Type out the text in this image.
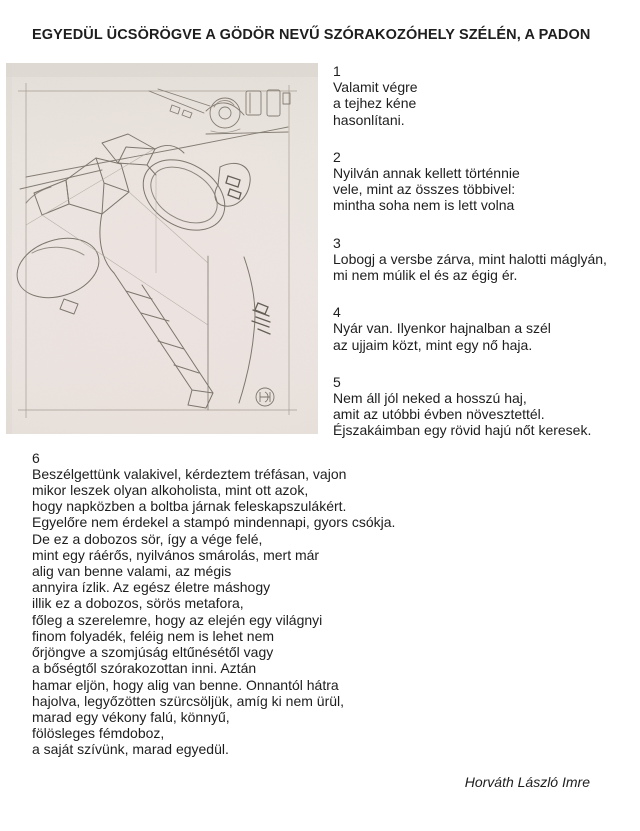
EGYEDÜL ÜCSÖRÖGVE A GÖDÖR NEVŰ SZÓRAKOZÓHELY SZÉLÉN, A PADON
1
Valamit végre
a tejhez kéne
hasonlítani.
2
Nyilván annak kellett történnie
vele, mint az összes többivel:
mintha soha nem is lett volna
3
Lobogj a versbe zárva, mint halotti máglyán,
mi nem múlik el és az égig ér.
4
Nyár van. Ilyenkor hajnalban a szél
az ujjaim közt, mint egy nő haja.
5
Nem áll jól neked a hosszú haj,
amit az utóbbi évben növesztettél.
Éjszakáimban egy rövid hajú nőt keresek.
6
Beszélgettünk valakivel, kérdeztem tréfásan, vajon
mikor leszek olyan alkoholista, mint ott azok,
hogy napközben a boltba járnak feleskapszulákért.
Egyelőre nem érdekel a stampó mindennapi, gyors csókja.
De ez a dobozos sör, így a vége felé,
mint egy ráérős, nyilvános smárolás, mert már
alig van benne valami, az mégis
annyira ízlik. Az egész életre máshogy
illik ez a dobozos, sörös metafora,
főleg a szerelemre, hogy az elején egy világnyi
finom folyadék, feléig nem is lehet nem
őrjöngve a szomjúság eltűnésétől vagy
a bőségtől szórakozottan inni. Aztán
hamar eljön, hogy alig van benne. Onnantól hátra
hajolva, legyőzötten szürcsöljük, amíg ki nem ürül,
marad egy vékony falú, könnyű,
fölösleges fémdoboz,
a saját szívünk, marad egyedül.
Horváth László Imre
